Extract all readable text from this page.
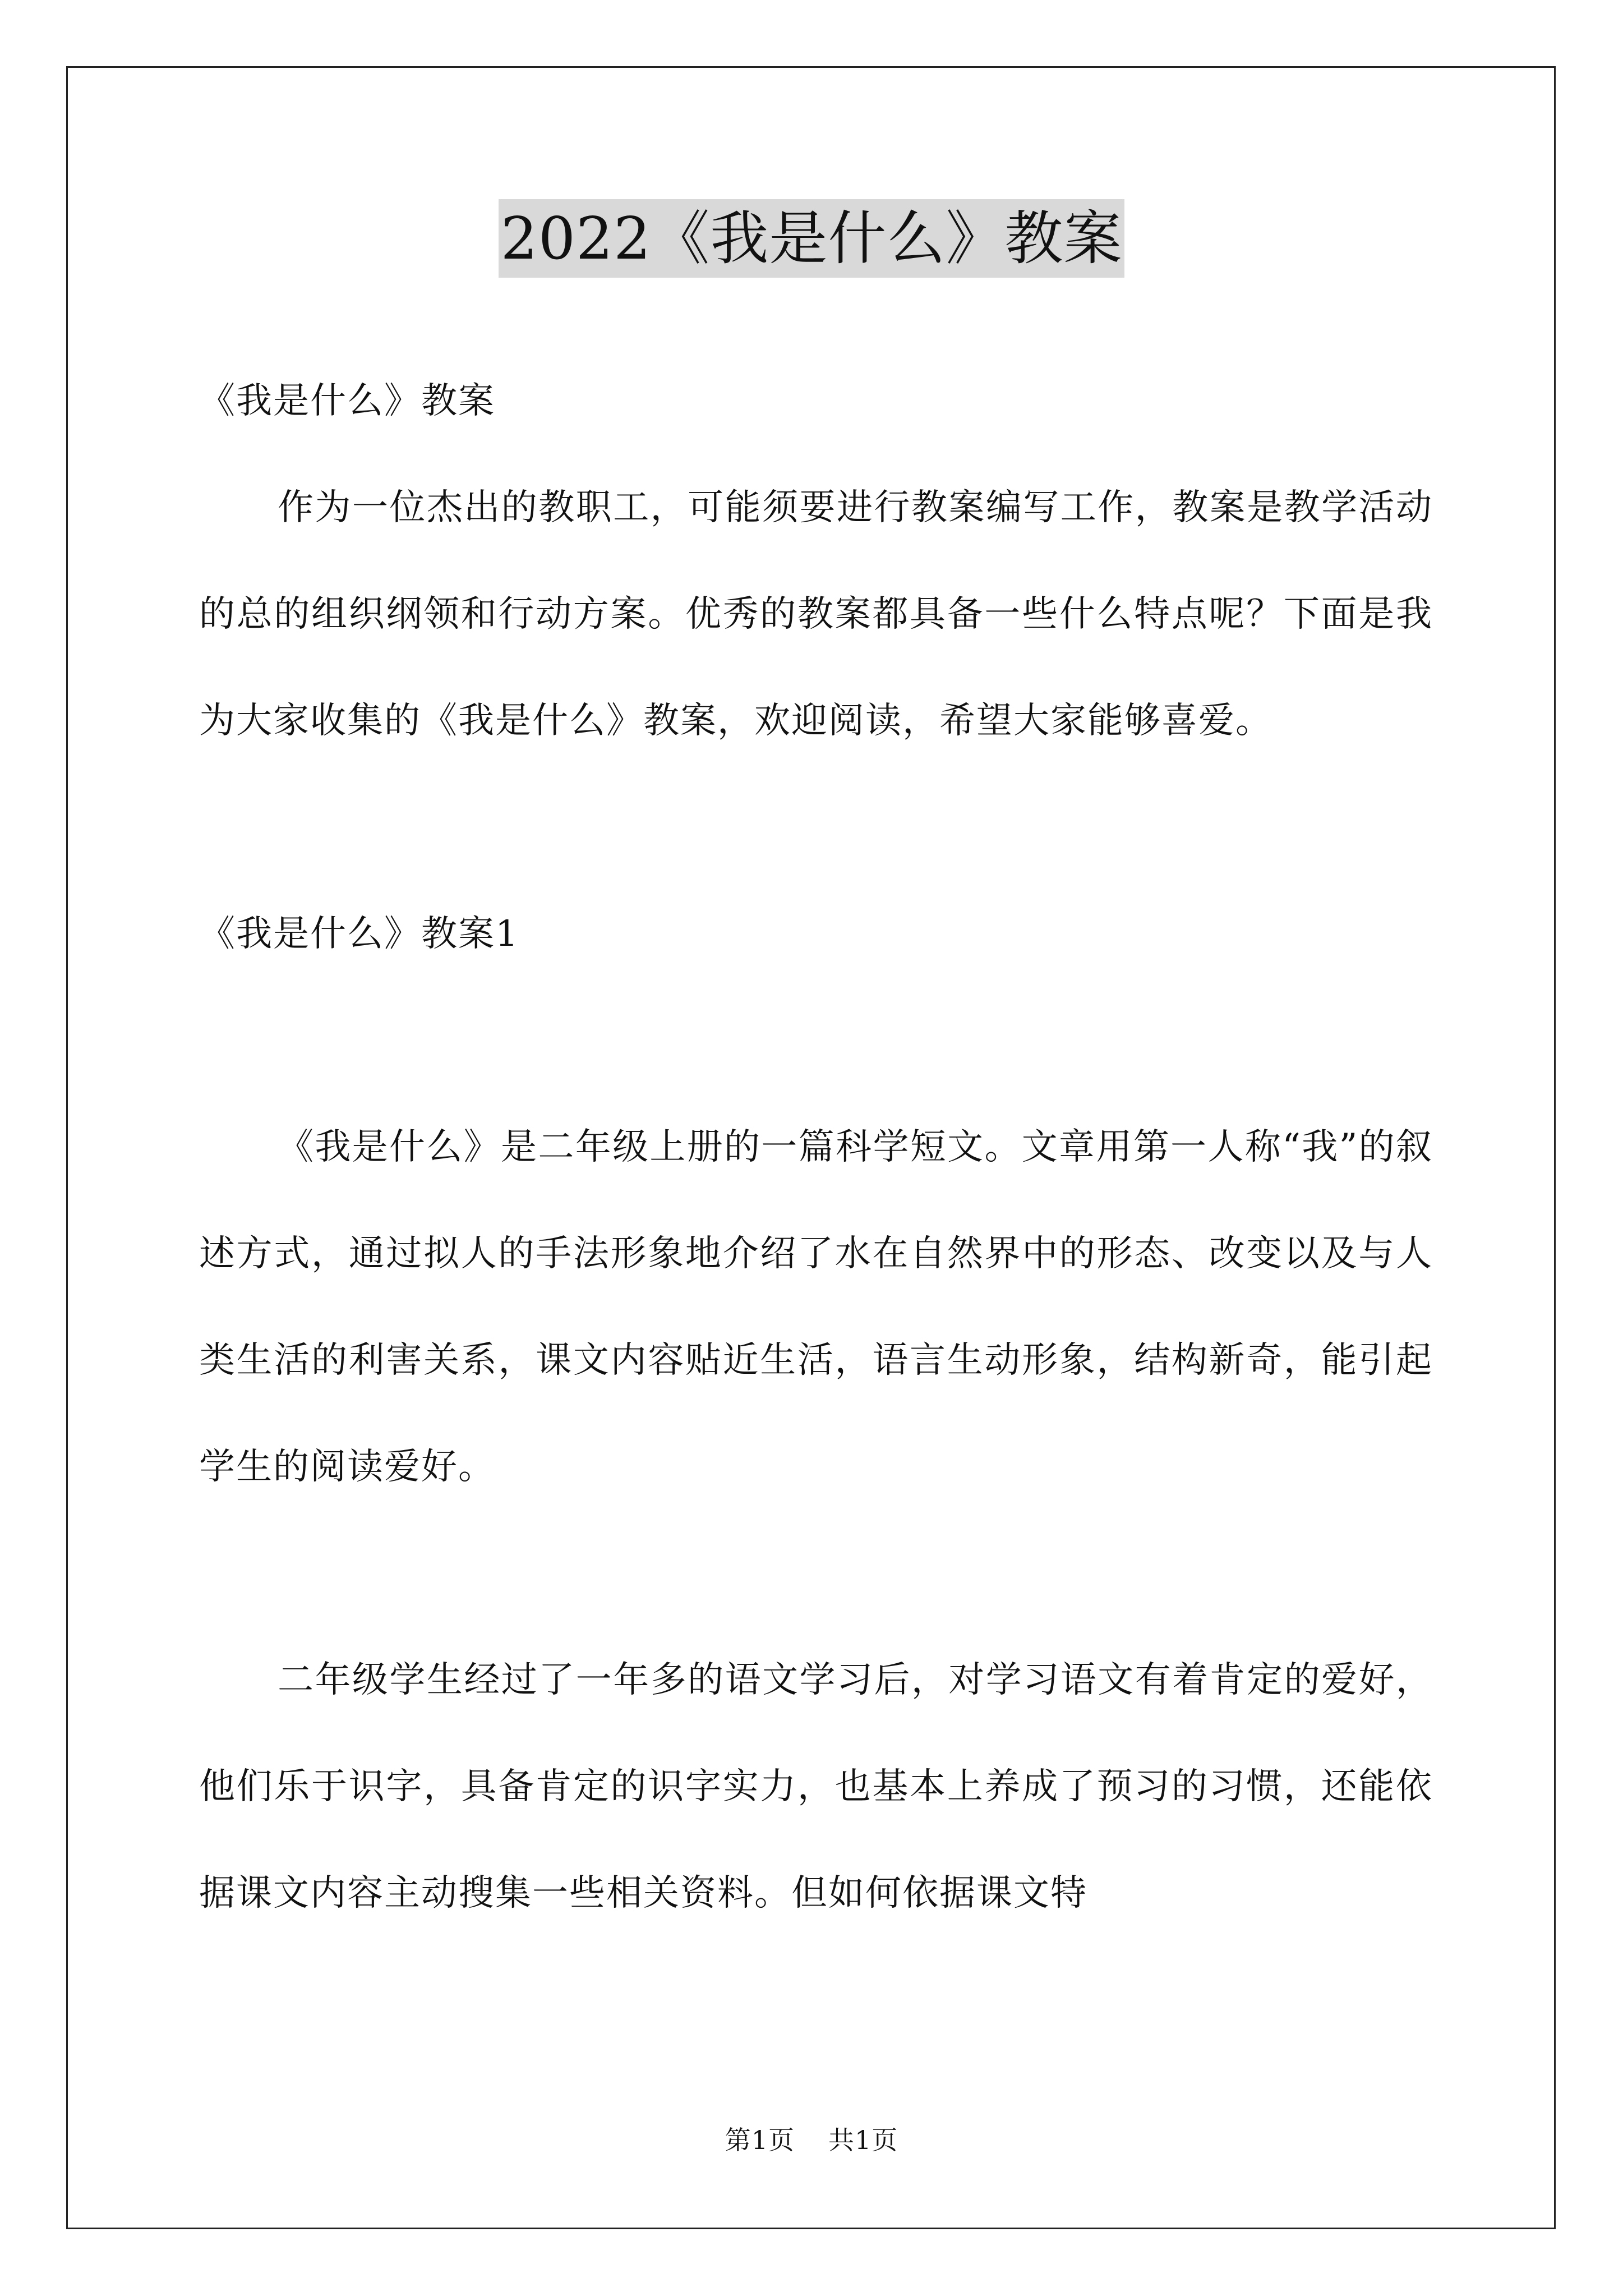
2022《我是什么》教案

《我是什么》教案

作为一位杰出的教职工，可能须要进行教案编写工作，教案是教学活动的总的组织纲领和行动方案。优秀的教案都具备一些什么特点呢？下面是我为大家收集的《我是什么》教案，欢迎阅读，希望大家能够喜爱。

《我是什么》教案1

《我是什么》是二年级上册的一篇科学短文。文章用第一人称“我”的叙述方式，通过拟人的手法形象地介绍了水在自然界中的形态、改变以及与人类生活的利害关系，课文内容贴近生活，语言生动形象，结构新奇，能引起学生的阅读爱好。

二年级学生经过了一年多的语文学习后，对学习语文有着肯定的爱好，他们乐于识字，具备肯定的识字实力，也基本上养成了预习的习惯，还能依据课文内容主动搜集一些相关资料。但如何依据课文特

第1页 共1页
